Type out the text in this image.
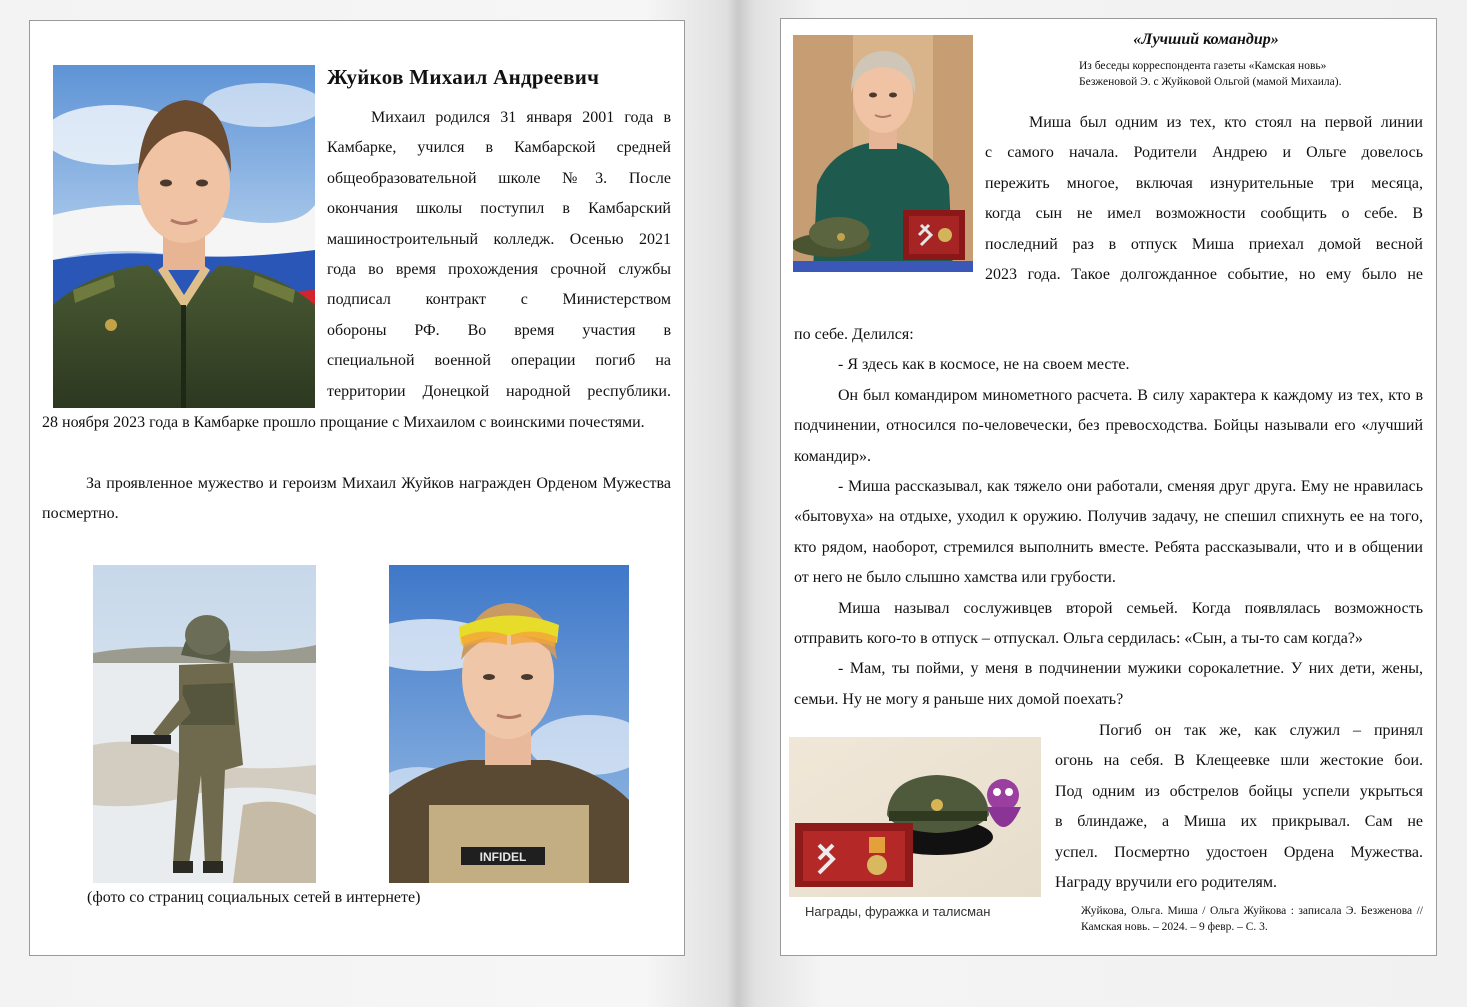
Жуйков Михаил Андреевич

Михаил родился 31 января 2001 года в

Камбарке, учился в Камбарской средней

общеобразовательной школе №3. После

окончания школы поступил в Камбарский

машиностроительный колледж. Осенью 2021

года во время прохождения срочной службы

подписал контракт с Министерством

обороны РФ. Во время участия в

специальной военной операции погиб на

территории Донецкой народной республики.

28 ноября 2023 года в Камбарке прошло прощание с Михаилом с воинскими почестями.

За проявленное мужество и героизм Михаил Жуйков награжден Орденом Мужества посмертно.

INFIDEL

(фото со страниц социальных сетей в интернете)

«Лучший командир»
Из беседы корреспондента газеты «Камская новь»
Безженовой Э. с Жуйковой Ольгой (мамой Михаила).

Миша был одним из тех, кто стоял на первой линии

с самого начала. Родители Андрею и Ольге довелось

пережить многое, включая изнурительные три месяца,

когда сын не имел возможности сообщить о себе. В

последний раз в отпуск Миша приехал домой весной

2023 года. Такое долгожданное событие, но ему было не

по себе. Делился:

- Я здесь как в космосе, не на своем месте.

Он был командиром минометного расчета. В силу характера к каждому из тех, кто в подчинении, относился по-человечески, без превосходства. Бойцы называли его «лучший командир».

- Миша рассказывал, как тяжело они работали, сменяя друг друга. Ему не нравилась «бытовуха» на отдыхе, уходил к оружию. Получив задачу, не спешил спихнуть ее на того, кто рядом, наоборот, стремился выполнить вместе. Ребята рассказывали, что и в общении от него не было слышно хамства или грубости.

Миша называл сослуживцев второй семьей. Когда появлялась возможность отправить кого-то в отпуск – отпускал. Ольга сердилась: «Сын, а ты-то сам когда?»

- Мам, ты пойми, у меня в подчинении мужики сорокалетние. У них дети, жены, семьи. Ну не могу я раньше них домой поехать?

Погиб он так же, как служил – принял

огонь на себя. В Клещеевке шли жестокие бои.

Под одним из обстрелов бойцы успели укрыться

в блиндаже, а Миша их прикрывал. Сам не

успел. Посмертно удостоен Ордена Мужества.

Награду вручили его родителям.

Награды, фуражка и талисман	Жуйкова, Ольга. Миша / Ольга Жуйкова : записала Э. Безженова // Камская новь. – 2024. – 9 февр. – С. 3.
